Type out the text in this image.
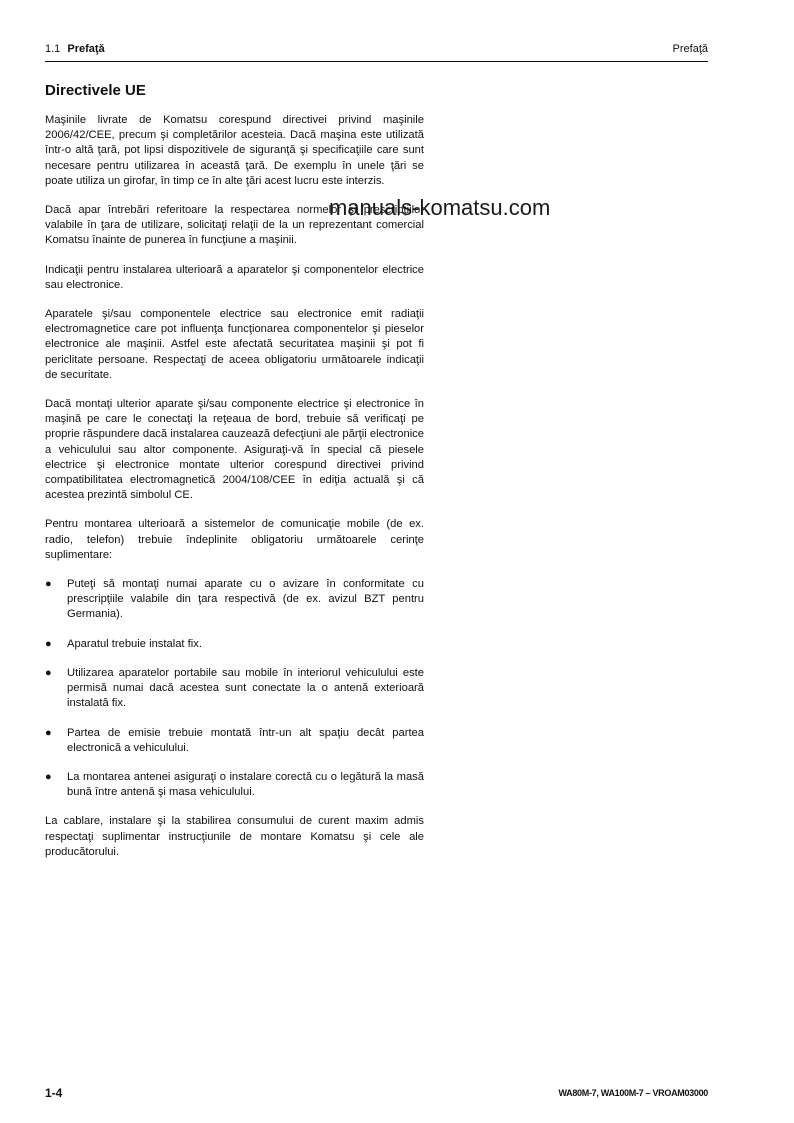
1.1 Prefaţă	Prefaţă
Directivele UE
manuals-komatsu.com

Maşinile livrate de Komatsu corespund directivei privind maşinile 2006/42/CEE, precum şi completărilor acesteia. Dacă maşina este utilizată într-o altă ţară, pot lipsi dispozitivele de siguranţă şi specificaţiile care sunt necesare pentru utilizarea în această ţară. De exemplu în unele ţări se poate utiliza un girofar, în timp ce în alte ţări acest lucru este interzis.

Dacă apar întrebări referitoare la respectarea normelor şi prescripţiilor valabile în ţara de utilizare, solicitaţi relaţii de la un reprezentant comercial Komatsu înainte de punerea în funcţiune a maşinii.

Indicaţii pentru instalarea ulterioară a aparatelor şi componentelor electrice sau electronice.

Aparatele şi/sau componentele electrice sau electronice emit radiaţii electromagnetice care pot influenţa funcţionarea componentelor şi pieselor electronice ale maşinii. Astfel este afectată securitatea maşinii şi pot fi periclitate persoane. Respectaţi de aceea obligatoriu următoarele indicaţii de securitate.

Dacă montaţi ulterior aparate şi/sau componente electrice şi electronice în maşină pe care le conectaţi la reţeaua de bord, trebuie să verificaţi pe proprie răspundere dacă instalarea cauzează defecţiuni ale părţii electronice a vehiculului sau altor componente. Asiguraţi-vă în special că piesele electrice şi electronice montate ulterior corespund directivei privind compatibilitatea electromagnetică 2004/108/CEE în ediţia actuală şi că acestea prezintă simbolul CE.

Pentru montarea ulterioară a sistemelor de comunicaţie mobile (de ex. radio, telefon) trebuie îndeplinite obligatoriu următoarele cerinţe suplimentare:

● Puteţi să montaţi numai aparate cu o avizare în conformitate cu prescripţiile valabile din ţara respectivă (de ex. avizul BZT pentru Germania).
● Aparatul trebuie instalat fix.
● Utilizarea aparatelor portabile sau mobile în interiorul vehiculului este permisă numai dacă acestea sunt conectate la o antenă exterioară instalată fix.
● Partea de emisie trebuie montată într-un alt spaţiu decât partea electronică a vehiculului.
● La montarea antenei asiguraţi o instalare corectă cu o legătură la masă bună între antenă şi masa vehiculului.

La cablare, instalare şi la stabilirea consumului de curent maxim admis respectaţi suplimentar instrucţiunile de montare Komatsu şi cele ale producătorului.

1-4	WA80M-7, WA100M-7 – VROAM03000
